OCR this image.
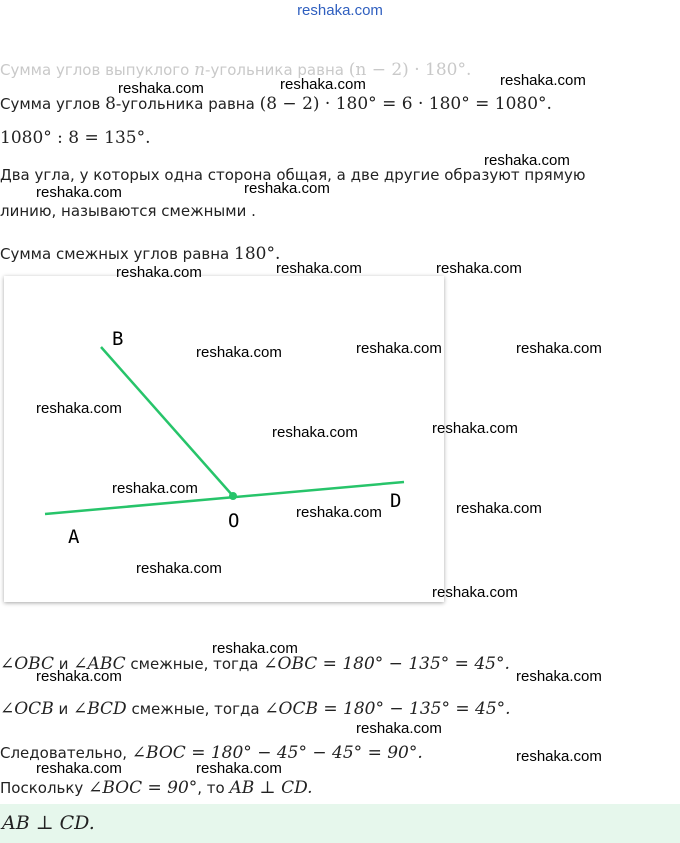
reshaka.com
Сумма углов выпуклого n-угольника равна (n − 2) · 180°.
Сумма углов 8-угольника равна (8 − 2) · 180° = 6 · 180° = 1080°.
1080° : 8 = 135°.
Два угла, у которых одна сторона общая, а две другие образуют прямую
линию, называются смежными .
Сумма смежных углов равна 180°.
B
A
O
D
∠OBC и ∠ABC смежные, тогда ∠OBC = 180° − 135° = 45°.
∠OCB и ∠BCD смежные, тогда ∠OCB = 180° − 135° = 45°.
Следовательно, ∠BOC = 180° − 45° − 45° = 90°.
Поскольку ∠BOC = 90°, то AB ⊥ CD.
AB ⊥ CD.
reshaka.com
reshaka.com	reshaka.com
reshaka.com
reshaka.com	reshaka.com
reshaka.com	reshaka.com	reshaka.com
reshaka.com	reshaka.com	reshaka.com
reshaka.com
reshaka.com	reshaka.com
reshaka.com
reshaka.com	reshaka.com
reshaka.com
reshaka.com
reshaka.com
reshaka.com
reshaka.com
reshaka.com
reshaka.com
reshaka.com	reshaka.com
